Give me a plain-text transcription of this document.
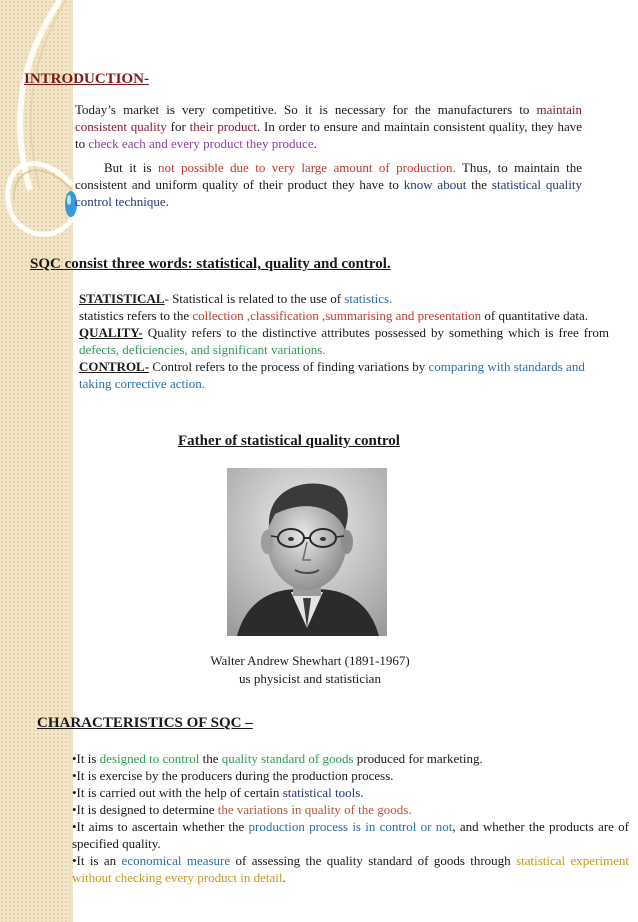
INTRODUCTION-

Today’s market is very competitive. So it is necessary for the manufacturers to maintain consistent quality for their product. In order to ensure and maintain consistent quality, they have to check each and every product they produce.

But it is not possible due to very large amount of production. Thus, to maintain the consistent and uniform quality of their product they have to know about the statistical quality control technique.

SQC consist three words: statistical, quality and control.
STATISTICAL- Statistical is related to the use of statistics.
statistics refers to the collection ,classification ,summarising and presentation of quantitative data.
QUALITY- Quality refers to the distinctive attributes possessed by something which is free from defects, deficiencies, and significant variations.
CONTROL- Control refers to the process of finding variations by comparing with standards and taking corrective action.
Father of statistical quality control
Walter Andrew Shewhart (1891-1967)
us physicist and statistician
CHARACTERISTICS OF SQC –
•It is designed to control the quality standard of goods produced for marketing.
•It is exercise by the producers during the production process.
•It is carried out with the help of certain statistical tools.
•It is designed to determine the variations in quality of the goods.
•It aims to ascertain whether the production process is in control or not, and whether the products are of specified quality.
•It is an economical measure of assessing the quality standard of goods through statistical experiment without checking every product in detail.
